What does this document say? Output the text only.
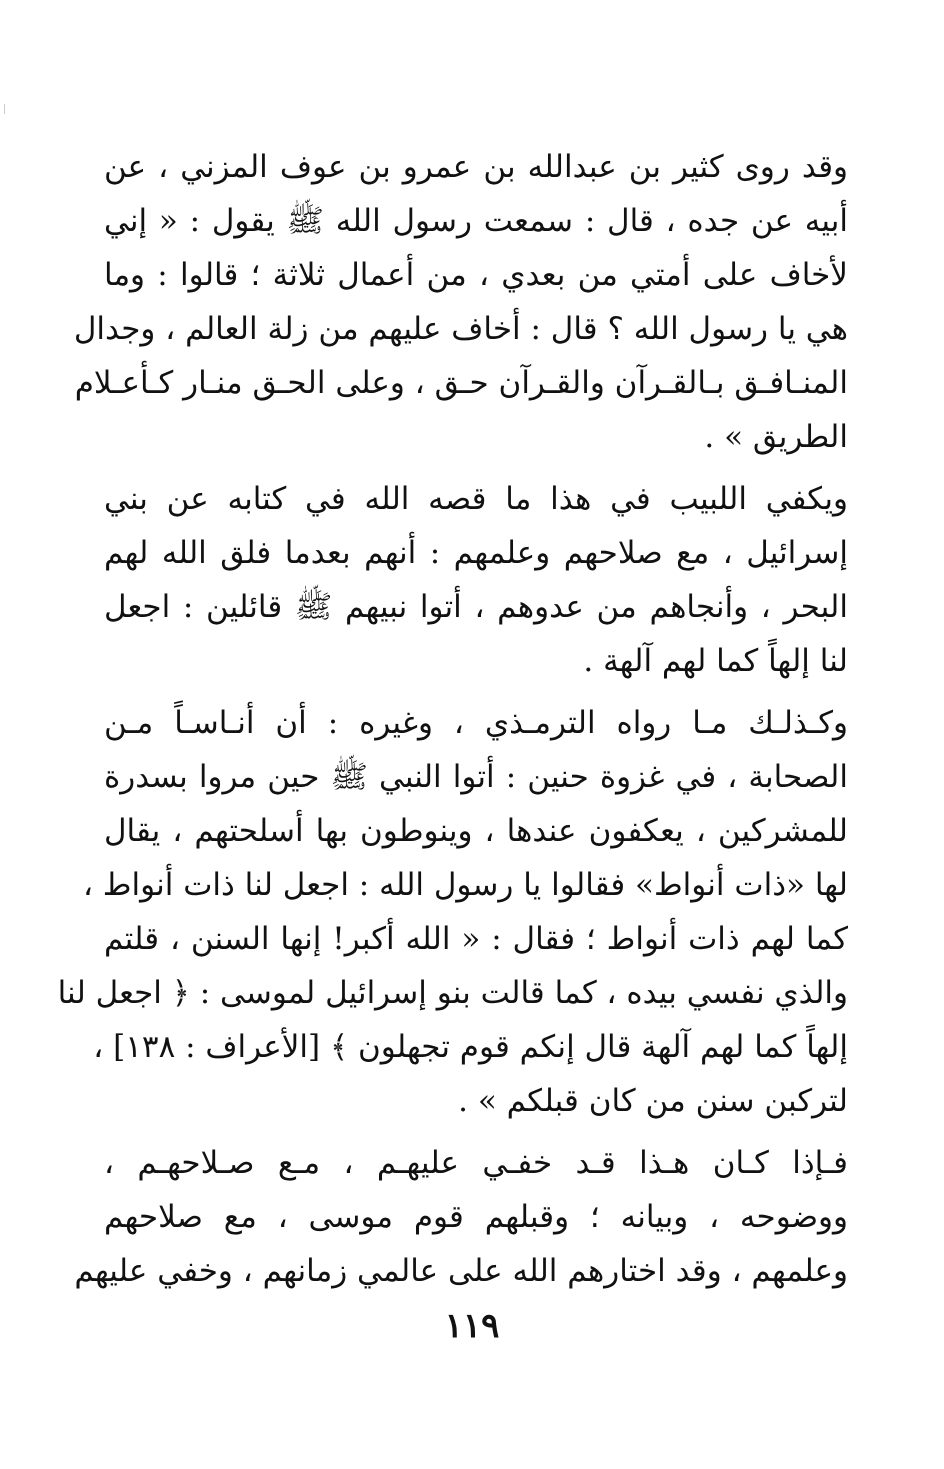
وقد روى كثير بن عبدالله بن عمرو بن عوف المزني ، عن
أبيه عن جده ، قال : سمعت رسول الله ﷺ يقول : « إني
لأخاف على أمتي من بعدي ، من أعمال ثلاثة ؛ قالوا : وما
هي يا رسول الله ؟ قال : أخاف عليهم من زلة العالم ، وجدال
المنـافـق بـالقـرآن والقـرآن حـق ، وعلى الحـق منـار كـأعـلام
الطريق » .
ويكفي اللبيب في هذا ما قصه الله في كتابه عن بني
إسرائيل ، مع صلاحهم وعلمهم : أنهم بعدما فلق الله لهم
البحر ، وأنجاهم من عدوهم ، أتوا نبيهم ﷺ قائلين : اجعل
لنا إلهاً كما لهم آلهة .
وكـذلـك مـا رواه الترمـذي ، وغيره : أن أنـاسـاً مـن
الصحابة ، في غزوة حنين : أتوا النبي ﷺ حين مروا بسدرة
للمشركين ، يعكفون عندها ، وينوطون بها أسلحتهم ، يقال
لها «ذات أنواط» فقالوا يا رسول الله : اجعل لنا ذات أنواط ،
كما لهم ذات أنواط ؛ فقال : « الله أكبر! إنها السنن ، قلتم
والذي نفسي بيده ، كما قالت بنو إسرائيل لموسى : ﴿ اجعل لنا
إلهاً كما لهم آلهة قال إنكم قوم تجهلون ﴾ [الأعراف : ١٣٨] ،
لتركبن سنن من كان قبلكم » .
فـإذا كـان هـذا قـد خفـي عليهـم ، مـع صـلاحهـم ،
ووضوحه ، وبيانه ؛ وقبلهم قوم موسى ، مع صلاحهم
وعلمهم ، وقد اختارهم الله على عالمي زمانهم ، وخفي عليهم
١١٩
